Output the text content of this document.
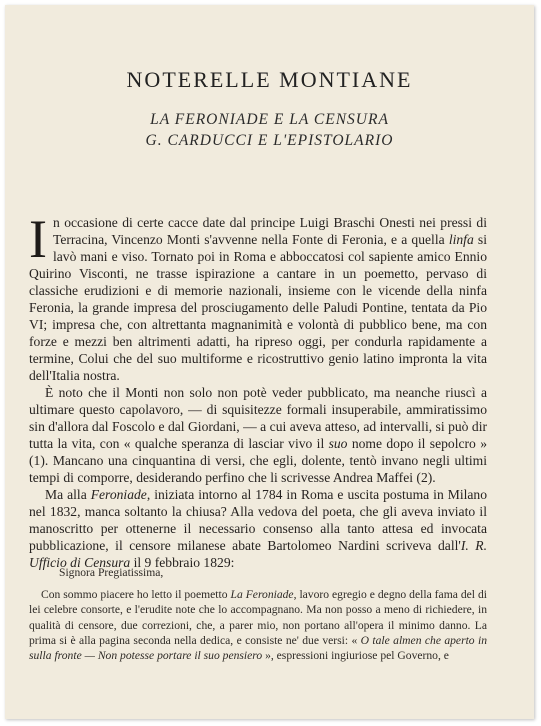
NOTERELLE MONTIANE
LA FERONIADE E LA CENSURA
G. CARDUCCI E L'EPISTOLARIO

In occasione di certe cacce date dal principe Luigi Braschi Onesti nei pressi di Terracina, Vincenzo Monti s'avvenne nella Fonte di Feronia, e a quella linfa si lavò mani e viso. Tornato poi in Roma e abboccatosi col sapiente amico Ennio Quirino Visconti, ne trasse ispirazione a cantare in un poemetto, pervaso di classiche erudizioni e di memorie nazionali, insieme con le vicende della ninfa Feronia, la grande impresa del prosciugamento delle Paludi Pontine, tentata da Pio VI; impresa che, con altrettanta magnanimità e volontà di pubblico bene, ma con forze e mezzi ben altrimenti adatti, ha ripreso oggi, per condurla rapidamente a termine, Colui che del suo multiforme e ricostruttivo genio latino impronta la vita dell'Italia nostra.

È noto che il Monti non solo non potè veder pubblicato, ma neanche riuscì a ultimare questo capolavoro, — di squisitezze formali insuperabile, ammiratissimo sin d'allora dal Foscolo e dal Giordani, — a cui aveva atteso, ad intervalli, si può dir tutta la vita, con « qualche speranza di lasciar vivo il suo nome dopo il sepolcro » (1). Mancano una cinquantina di versi, che egli, dolente, tentò invano negli ultimi tempi di comporre, desiderando perfino che li scrivesse Andrea Maffei (2).

Ma alla Feroniade, iniziata intorno al 1784 in Roma e uscita postuma in Milano nel 1832, manca soltanto la chiusa? Alla vedova del poeta, che gli aveva inviato il manoscritto per ottenerne il necessario consenso alla tanto attesa ed invocata pubblicazione, il censore milanese abate Bartolomeo Nardini scriveva dall'I. R. Ufficio di Censura il 9 febbraio 1829:

Signora Pregiatissima,

Con sommo piacere ho letto il poemetto La Feroniade, lavoro egregio e degno della fama del di lei celebre consorte, e l'erudite note che lo accompagnano. Ma non posso a meno di richiedere, in qualità di censore, due correzioni, che, a parer mio, non portano all'opera il minimo danno. La prima si è alla pagina seconda nella dedica, e consiste ne' due versi: « O tale almen che aperto in sulla fronte — Non potesse portare il suo pensiero », espressioni ingiuriose pel Governo, e
